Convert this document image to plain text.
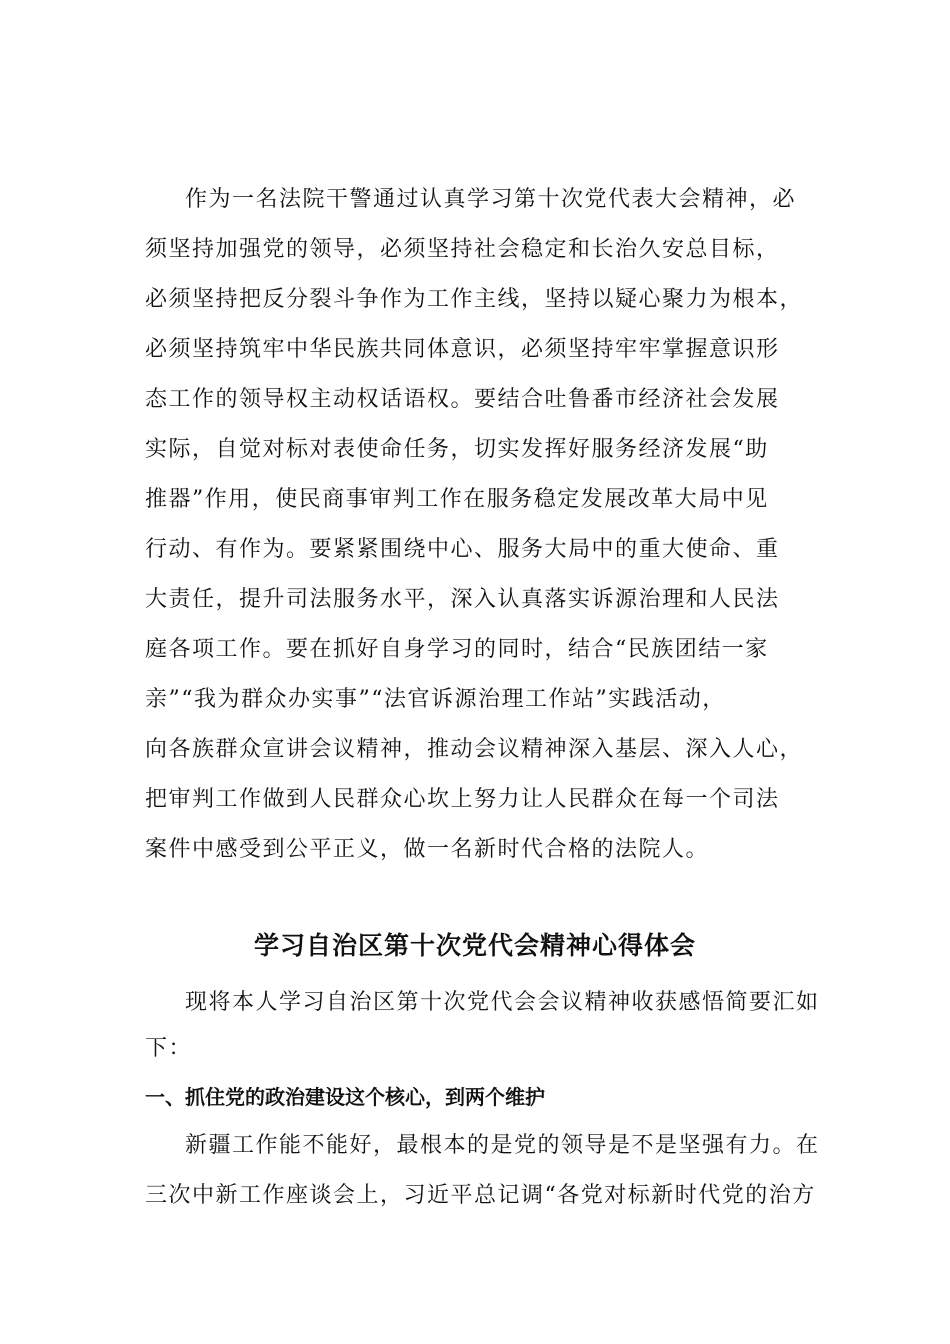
作为一名法院干警通过认真学习第十次党代表大会精神，必
须坚持加强党的领导，必须坚持社会稳定和长治久安总目标，
必须坚持把反分裂斗争作为工作主线，坚持以疑心聚力为根本，
必须坚持筑牢中华民族共同体意识，必须坚持牢牢掌握意识形
态工作的领导权主动权话语权。要结合吐鲁番市经济社会发展
实际，自觉对标对表使命任务，切实发挥好服务经济发展“助
推器”作用，使民商事审判工作在服务稳定发展改革大局中见
行动、有作为。要紧紧围绕中心、服务大局中的重大使命、重
大责任，提升司法服务水平，深入认真落实诉源治理和人民法
庭各项工作。要在抓好自身学习的同时，结合“民族团结一家
亲”“我为群众办实事”“法官诉源治理工作站”实践活动，
向各族群众宣讲会议精神，推动会议精神深入基层、深入人心，
把审判工作做到人民群众心坎上努力让人民群众在每一个司法
案件中感受到公平正义，做一名新时代合格的法院人。
学习自治区第十次党代会精神心得体会
现将本人学习自治区第十次党代会会议精神收获感悟简要汇如
下：
一、抓住党的政治建设这个核心，到两个维护
新疆工作能不能好，最根本的是党的领导是不是坚强有力。在
三次中新工作座谈会上，习近平总记调“各党对标新时代党的治方
